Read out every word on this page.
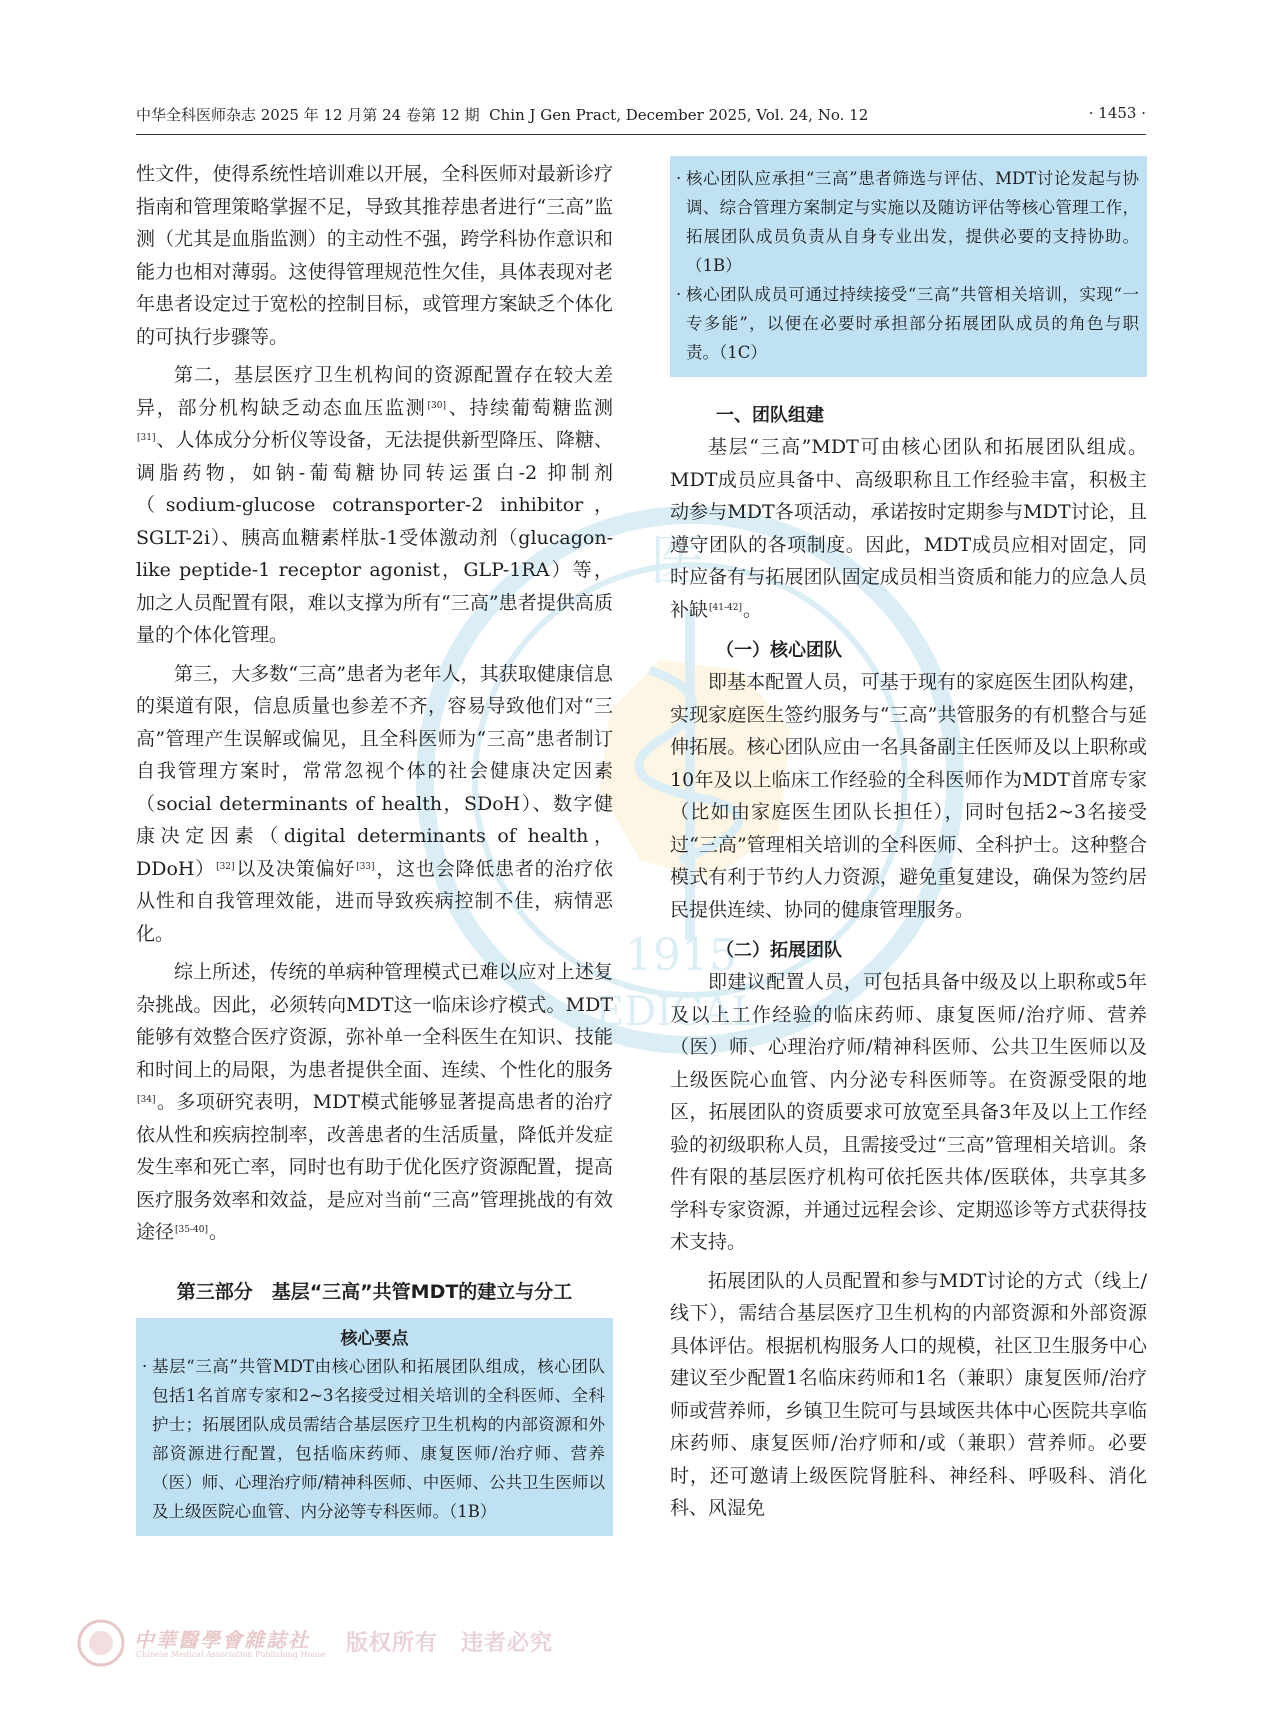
中华全科医师杂志 2025 年 12 月第 24 卷第 12 期 Chin J Gen Pract, December 2025, Vol. 24, No. 12	· 1453 ·
医
1915
EDICAL

性文件，使得系统性培训难以开展，全科医师对最新诊疗指南和管理策略掌握不足，导致其推荐患者进行“三高”监测（尤其是血脂监测）的主动性不强，跨学科协作意识和能力也相对薄弱。这使得管理规范性欠佳，具体表现对老年患者设定过于宽松的控制目标，或管理方案缺乏个体化的可执行步骤等。

第二，基层医疗卫生机构间的资源配置存在较大差异，部分机构缺乏动态血压监测[30]、持续葡萄糖监测[31]、人体成分分析仪等设备，无法提供新型降压、降糖、调脂药物，如钠-葡萄糖协同转运蛋白-2 抑制剂（sodium-glucose cotransporter-2 inhibitor，SGLT-2i）、胰高血糖素样肽-1受体激动剂（glucagon-like peptide-1 receptor agonist，GLP-1RA）等，加之人员配置有限，难以支撑为所有“三高”患者提供高质量的个体化管理。

第三，大多数“三高”患者为老年人，其获取健康信息的渠道有限，信息质量也参差不齐，容易导致他们对“三高”管理产生误解或偏见，且全科医师为“三高”患者制订自我管理方案时，常常忽视个体的社会健康决定因素（social determinants of health，SDoH）、数字健康决定因素（digital determinants of health，DDoH）[32]以及决策偏好[33]，这也会降低患者的治疗依从性和自我管理效能，进而导致疾病控制不佳，病情恶化。

综上所述，传统的单病种管理模式已难以应对上述复杂挑战。因此，必须转向MDT这一临床诊疗模式。MDT能够有效整合医疗资源，弥补单一全科医生在知识、技能和时间上的局限，为患者提供全面、连续、个性化的服务[34]。多项研究表明，MDT模式能够显著提高患者的治疗依从性和疾病控制率，改善患者的生活质量，降低并发症发生率和死亡率，同时也有助于优化医疗资源配置，提高医疗服务效率和效益，是应对当前“三高”管理挑战的有效途径[35-40]。

第三部分　基层“三高”共管MDT的建立与分工
核心要点
· 基层“三高”共管MDT由核心团队和拓展团队组成，核心团队包括1名首席专家和2~3名接受过相关培训的全科医师、全科护士；拓展团队成员需结合基层医疗卫生机构的内部资源和外部资源进行配置，包括临床药师、康复医师/治疗师、营养（医）师、心理治疗师/精神科医师、中医师、公共卫生医师以及上级医院心血管、内分泌等专科医师。（1B）
· 核心团队应承担“三高”患者筛选与评估、MDT讨论发起与协调、综合管理方案制定与实施以及随访评估等核心管理工作，拓展团队成员负责从自身专业出发，提供必要的支持协助。（1B）
· 核心团队成员可通过持续接受“三高”共管相关培训，实现“一专多能”，以便在必要时承担部分拓展团队成员的角色与职责。（1C）
一、团队组建

基层“三高”MDT可由核心团队和拓展团队组成。MDT成员应具备中、高级职称且工作经验丰富，积极主动参与MDT各项活动，承诺按时定期参与MDT讨论，且遵守团队的各项制度。因此，MDT成员应相对固定，同时应备有与拓展团队固定成员相当资质和能力的应急人员补缺[41-42]。

（一）核心团队

即基本配置人员，可基于现有的家庭医生团队构建，实现家庭医生签约服务与“三高”共管服务的有机整合与延伸拓展。核心团队应由一名具备副主任医师及以上职称或10年及以上临床工作经验的全科医师作为MDT首席专家（比如由家庭医生团队长担任），同时包括2~3名接受过“三高”管理相关培训的全科医师、全科护士。这种整合模式有利于节约人力资源，避免重复建设，确保为签约居民提供连续、协同的健康管理服务。

（二）拓展团队

即建议配置人员，可包括具备中级及以上职称或5年及以上工作经验的临床药师、康复医师/治疗师、营养（医）师、心理治疗师/精神科医师、公共卫生医师以及上级医院心血管、内分泌专科医师等。在资源受限的地区，拓展团队的资质要求可放宽至具备3年及以上工作经验的初级职称人员，且需接受过“三高”管理相关培训。条件有限的基层医疗机构可依托医共体/医联体，共享其多学科专家资源，并通过远程会诊、定期巡诊等方式获得技术支持。

拓展团队的人员配置和参与MDT讨论的方式（线上/线下），需结合基层医疗卫生机构的内部资源和外部资源具体评估。根据机构服务人口的规模，社区卫生服务中心建议至少配置1名临床药师和1名（兼职）康复医师/治疗师或营养师，乡镇卫生院可与县域医共体中心医院共享临床药师、康复医师/治疗师和/或（兼职）营养师。必要时，还可邀请上级医院肾脏科、神经科、呼吸科、消化科、风湿免

中華醫學會雜誌社
Chinese Medical Association Publishing House 版权所有　违者必究
